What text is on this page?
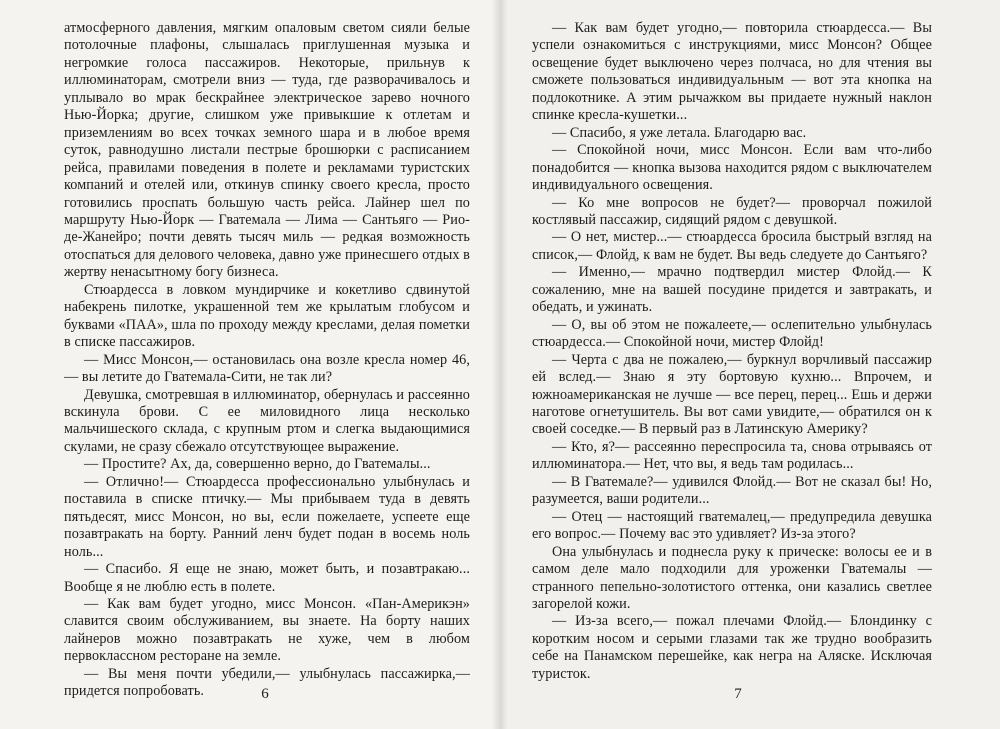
атмосферного давления, мягким опаловым светом сияли белые потолочные плафоны, слышалась приглушенная музыка и негромкие голоса пассажиров. Некоторые, прильнув к иллюминаторам, смотрели вниз — туда, где разворачивалось и уплывало во мрак бескрайнее электрическое зарево ночного Нью-Йорка; другие, слишком уже привыкшие к отлетам и приземлениям во всех точках земного шара и в любое время суток, равнодушно листали пестрые брошюрки с расписанием рейса, правилами поведения в полете и рекламами туристских компаний и отелей или, откинув спинку своего кресла, просто готовились проспать большую часть рейса. Лайнер шел по маршруту Нью-Йорк — Гватемала — Лима — Сантьяго — Рио-де-Жанейро; почти девять тысяч миль — редкая возможность отоспаться для делового человека, давно уже принесшего отдых в жертву ненасытному богу бизнеса.

Стюардесса в ловком мундирчике и кокетливо сдвинутой набекрень пилотке, украшенной тем же крылатым глобусом и буквами «ПАА», шла по проходу между креслами, делая пометки в списке пассажиров.

— Мисс Монсон,— остановилась она возле кресла номер 46,— вы летите до Гватемала-Сити, не так ли?

Девушка, смотревшая в иллюминатор, обернулась и рассеянно вскинула брови. С ее миловидного лица несколько мальчишеского склада, с крупным ртом и слегка выдающимися скулами, не сразу сбежало отсутствующее выражение.

— Простите? Ах, да, совершенно верно, до Гватемалы...

— Отлично!— Стюардесса профессионально улыбнулась и поставила в списке птичку.— Мы прибываем туда в девять пятьдесят, мисс Монсон, но вы, если пожелаете, успеете еще позавтракать на борту. Ранний ленч будет подан в восемь ноль ноль...

— Спасибо. Я еще не знаю, может быть, и позавтракаю... Вообще я не люблю есть в полете.

— Как вам будет угодно, мисс Монсон. «Пан-Америкэн» славится своим обслуживанием, вы знаете. На борту наших лайнеров можно позавтракать не хуже, чем в любом первоклассном ресторане на земле.

— Вы меня почти убедили,— улыбнулась пассажирка,— придется попробовать.	6

— Как вам будет угодно,— повторила стюардесса.— Вы успели ознакомиться с инструкциями, мисс Монсон? Общее освещение будет выключено через полчаса, но для чтения вы сможете пользоваться индивидуальным — вот эта кнопка на подлокотнике. А этим рычажком вы придаете нужный наклон спинке кресла-кушетки...

— Спасибо, я уже летала. Благодарю вас.

— Спокойной ночи, мисс Монсон. Если вам что-либо понадобится — кнопка вызова находится рядом с выключателем индивидуального освещения.

— Ко мне вопросов не будет?— проворчал пожилой костлявый пассажир, сидящий рядом с девушкой.

— О нет, мистер...— стюардесса бросила быстрый взгляд на список,— Флойд, к вам не будет. Вы ведь следуете до Сантьяго?

— Именно,— мрачно подтвердил мистер Флойд.— К сожалению, мне на вашей посудине придется и завтракать, и обедать, и ужинать.

— О, вы об этом не пожалеете,— ослепительно улыбнулась стюардесса.— Спокойной ночи, мистер Флойд!

— Черта с два не пожалею,— буркнул ворчливый пассажир ей вслед.— Знаю я эту бортовую кухню... Впрочем, и южноамериканская не лучше — все перец, перец... Ешь и держи наготове огнетушитель. Вы вот сами увидите,— обратился он к своей соседке.— В первый раз в Латинскую Америку?

— Кто, я?— рассеянно переспросила та, снова отрываясь от иллюминатора.— Нет, что вы, я ведь там родилась...

— В Гватемале?— удивился Флойд.— Вот не сказал бы! Но, разумеется, ваши родители...

— Отец — настоящий гватемалец,— предупредила девушка его вопрос.— Почему вас это удивляет? Из-за этого?

Она улыбнулась и поднесла руку к прическе: волосы ее и в самом деле мало подходили для уроженки Гватемалы — странного пепельно-золотистого оттенка, они казались светлее загорелой кожи.

— Из-за всего,— пожал плечами Флойд.— Блондинку с коротким носом и серыми глазами так же трудно вообразить себе на Панамском перешейке, как негра на Аляске. Исключая туристок.

7
